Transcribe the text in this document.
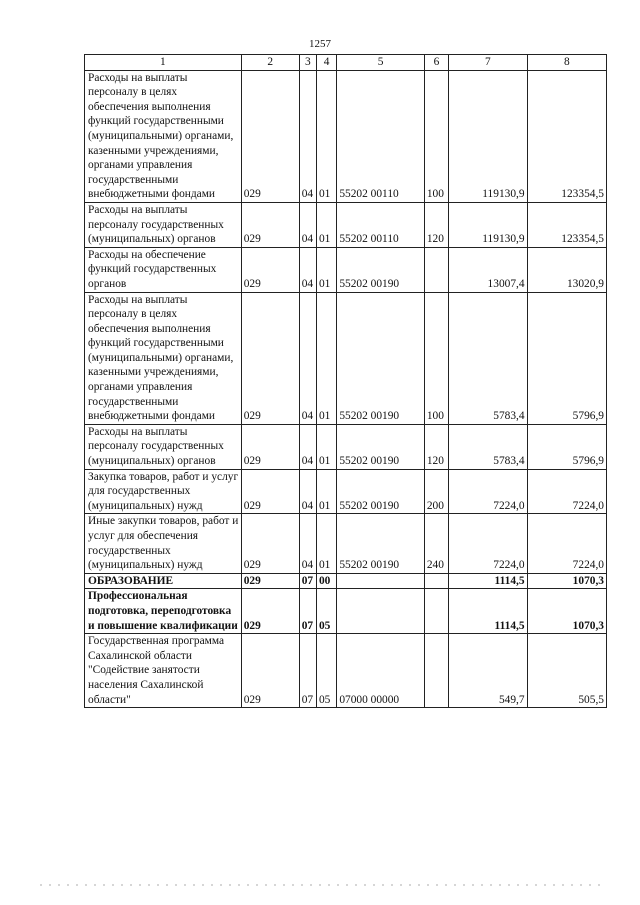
1257
1	2	3	4	5	6	7	8
Расходы на выплаты персоналу в целях обеспечения выполнения функций государственными (муниципальными) органами, казенными учреждениями, органами управления государственными внебюджетными фондами	029	04	01	55202 00110	100	119130,9	123354,5
Расходы на выплаты персоналу государственных (муниципальных) органов	029	04	01	55202 00110	120	119130,9	123354,5
Расходы на обеспечение функций государственных органов	029	04	01	55202 00190		13007,4	13020,9
Расходы на выплаты персоналу в целях обеспечения выполнения функций государственными (муниципальными) органами, казенными учреждениями, органами управления государственными внебюджетными фондами	029	04	01	55202 00190	100	5783,4	5796,9
Расходы на выплаты персоналу государственных (муниципальных) органов	029	04	01	55202 00190	120	5783,4	5796,9
Закупка товаров, работ и услуг для государственных (муниципальных) нужд	029	04	01	55202 00190	200	7224,0	7224,0
Иные закупки товаров, работ и услуг для обеспечения государственных (муниципальных) нужд	029	04	01	55202 00190	240	7224,0	7224,0
ОБРАЗОВАНИЕ	029	07	00			1114,5	1070,3
Профессиональная подготовка, переподготовка и повышение квалификации	029	07	05			1114,5	1070,3
Государственная программа Сахалинской области "Содействие занятости населения Сахалинской области"	029	07	05	07000 00000		549,7	505,5
